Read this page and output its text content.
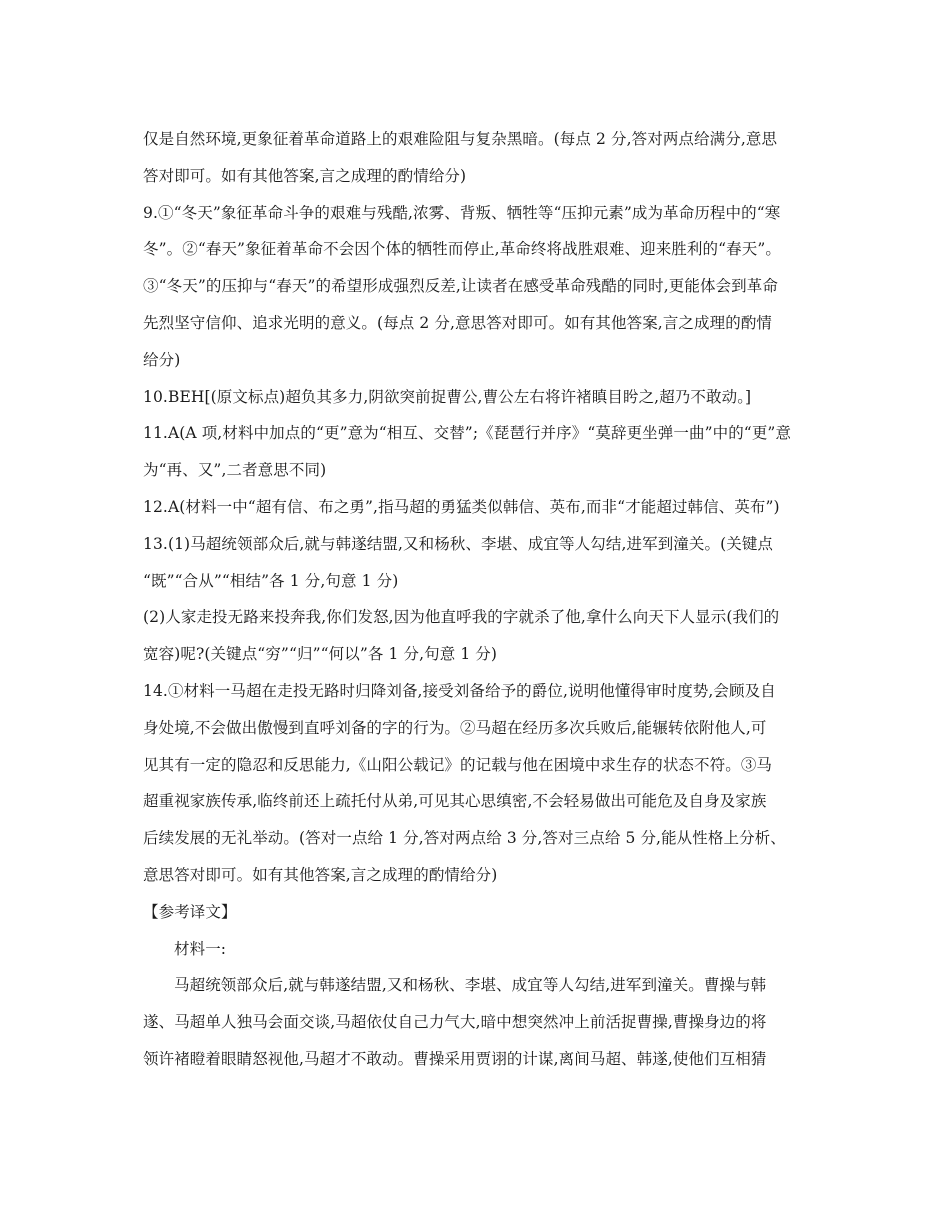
仅是自然环境,更象征着革命道路上的艰难险阻与复杂黑暗。(每点 2 分,答对两点给满分,意思
答对即可。如有其他答案,言之成理的酌情给分)
9.①“冬天”象征革命斗争的艰难与残酷,浓雾、背叛、牺牲等“压抑元素”成为革命历程中的“寒
冬”。②“春天”象征着革命不会因个体的牺牲而停止,革命终将战胜艰难、迎来胜利的“春天”。
③“冬天”的压抑与“春天”的希望形成强烈反差,让读者在感受革命残酷的同时,更能体会到革命
先烈坚守信仰、追求光明的意义。(每点 2 分,意思答对即可。如有其他答案,言之成理的酌情
给分)
10.BEH[(原文标点)超负其多力,阴欲突前捉曹公,曹公左右将许褚瞋目盻之,超乃不敢动。]
11.A(A 项,材料中加点的“更”意为“相互、交替”;《琵琶行并序》“莫辞更坐弹一曲”中的“更”意
为“再、又”,二者意思不同)
12.A(材料一中“超有信、布之勇”,指马超的勇猛类似韩信、英布,而非“才能超过韩信、英布”)
13.(1)马超统领部众后,就与韩遂结盟,又和杨秋、李堪、成宜等人勾结,进军到潼关。(关键点
“既”“合从”“相结”各 1 分,句意 1 分)
(2)人家走投无路来投奔我,你们发怒,因为他直呼我的字就杀了他,拿什么向天下人显示(我们的
宽容)呢?(关键点“穷”“归”“何以”各 1 分,句意 1 分)
14.①材料一马超在走投无路时归降刘备,接受刘备给予的爵位,说明他懂得审时度势,会顾及自
身处境,不会做出傲慢到直呼刘备的字的行为。②马超在经历多次兵败后,能辗转依附他人,可
见其有一定的隐忍和反思能力,《山阳公载记》的记载与他在困境中求生存的状态不符。③马
超重视家族传承,临终前还上疏托付从弟,可见其心思缜密,不会轻易做出可能危及自身及家族
后续发展的无礼举动。(答对一点给 1 分,答对两点给 3 分,答对三点给 5 分,能从性格上分析、
意思答对即可。如有其他答案,言之成理的酌情给分)
【参考译文】
材料一:
马超统领部众后,就与韩遂结盟,又和杨秋、李堪、成宜等人勾结,进军到潼关。曹操与韩
遂、马超单人独马会面交谈,马超依仗自己力气大,暗中想突然冲上前活捉曹操,曹操身边的将
领许褚瞪着眼睛怒视他,马超才不敢动。曹操采用贾诩的计谋,离间马超、韩遂,使他们互相猜
